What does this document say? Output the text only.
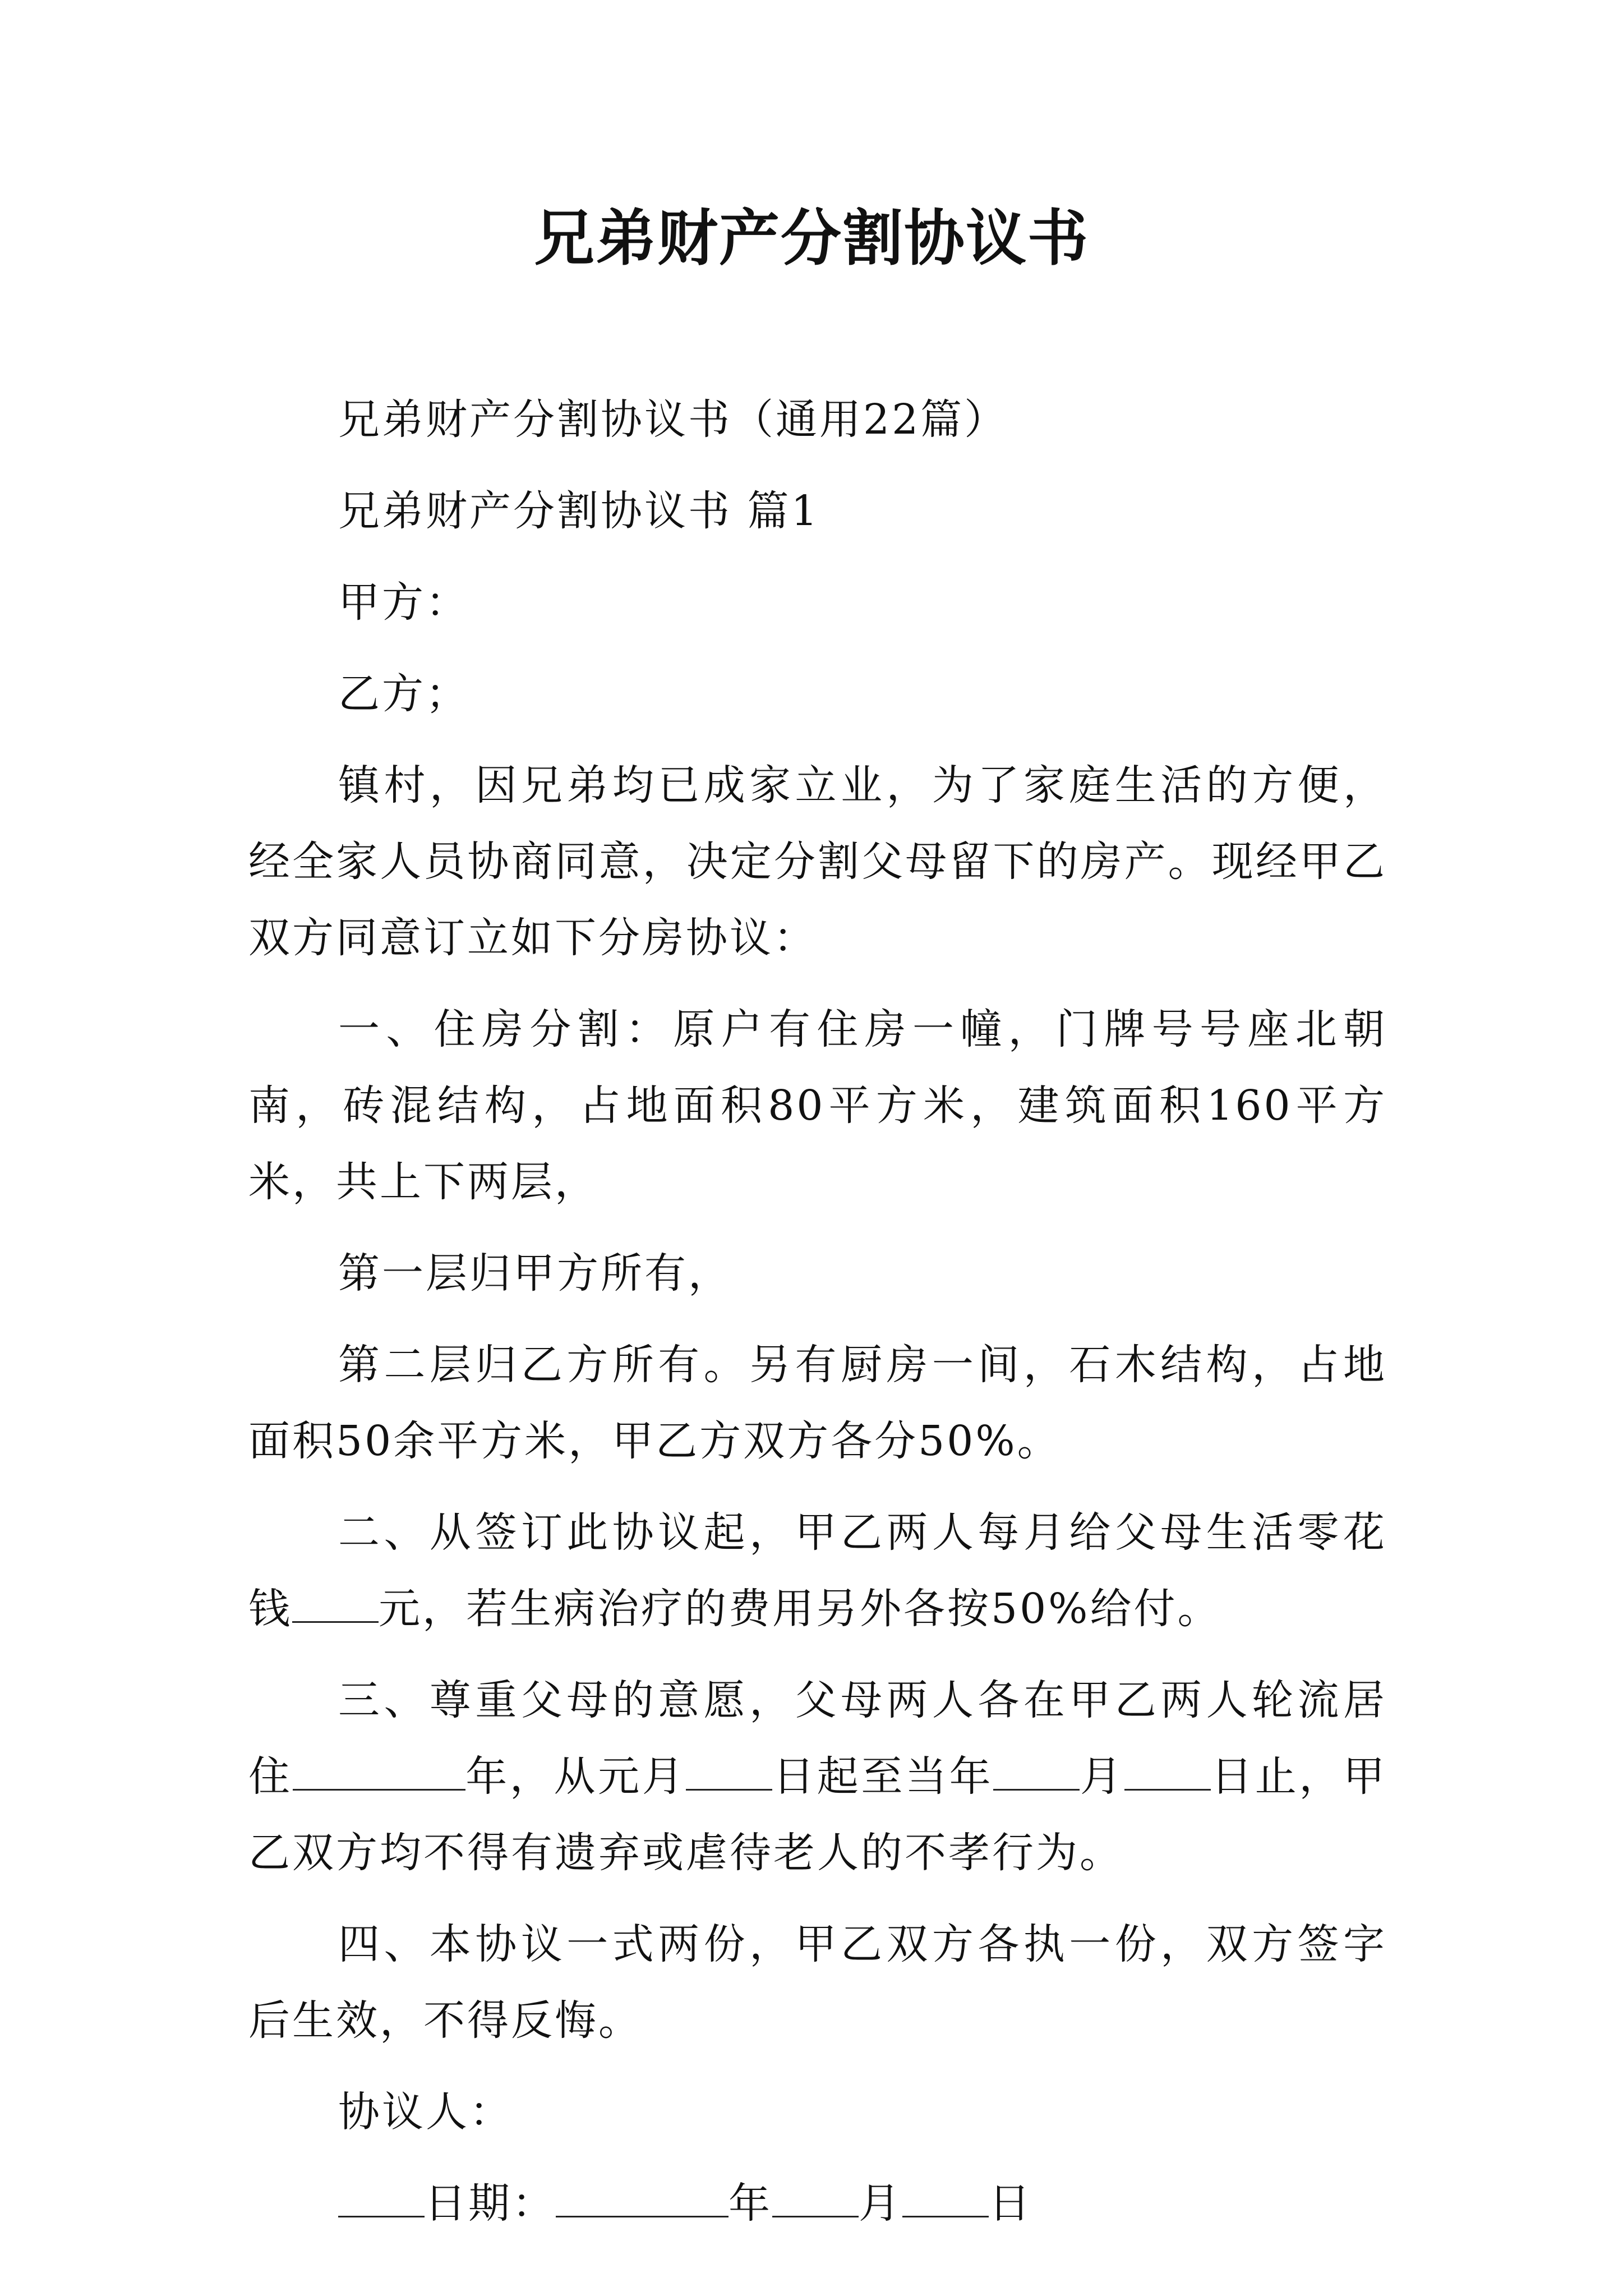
兄弟财产分割协议书

兄弟财产分割协议书（通用22篇）

兄弟财产分割协议书 篇1

甲方：

乙方；

镇村，因兄弟均已成家立业，为了家庭生活的方便，经全家人员协商同意，决定分割父母留下的房产。现经甲乙双方同意订立如下分房协议：

一、住房分割：原户有住房一幢，门牌号号座北朝南，砖混结构，占地面积80平方米，建筑面积160平方米，共上下两层，

第一层归甲方所有，

第二层归乙方所有。另有厨房一间，石木结构，占地面积50余平方米，甲乙方双方各分50%。

二、从签订此协议起，甲乙两人每月给父母生活零花钱 元，若生病治疗的费用另外各按50%给付。

三、尊重父母的意愿，父母两人各在甲乙两人轮流居住	年，从元月 日起至当年 月 日止，甲乙双方均不得有遗弃或虐待老人的不孝行为。

四、本协议一式两份，甲乙双方各执一份，双方签字后生效，不得反悔。

协议人：

日期：	年 月 日
